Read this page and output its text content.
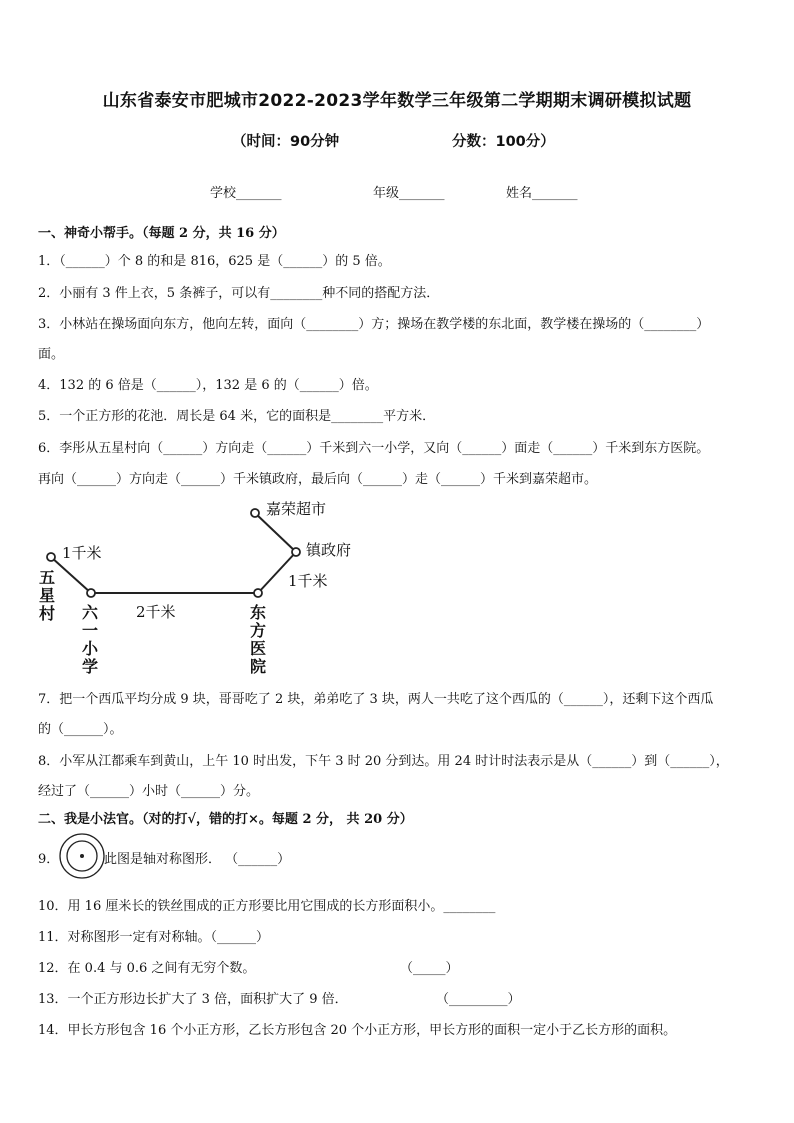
山东省泰安市肥城市2022-2023学年数学三年级第二学期期末调研模拟试题
（时间：90分钟	分数：100分）
学校_______	年级_______	姓名_______
一、神奇小帮手。（每题 2 分，共 16 分）
1．（______）个 8 的和是 816，625 是（______）的 5 倍。
2．小丽有 3 件上衣，5 条裤子，可以有________种不同的搭配方法．
3．小林站在操场面向东方，他向左转，面向（________）方；操场在教学楼的东北面，教学楼在操场的（________）
面。
4．132 的 6 倍是（______），132 是 6 的（______）倍。
5．一个正方形的花池．周长是 64 米，它的面积是________平方米．
6．李彤从五星村向（______）方向走（______）千米到六一小学，又向（______）面走（______）千米到东方医院。
再向（______）方向走（______）千米镇政府，最后向（______）走（______）千米到嘉荣超市。
嘉荣超市
镇政府
1千米
2千米
1千米
五
星
村 六
一
小
学
东
方
医
院
7．把一个西瓜平均分成 9 块，哥哥吃了 2 块，弟弟吃了 3 块，两人一共吃了这个西瓜的（______），还剩下这个西瓜
的（______）。
8．小军从江都乘车到黄山，上午 10 时出发，下午 3 时 20 分到达。用 24 时计时法表示是从（______）到（______），
经过了（______）小时（______）分。
二、我是小法官。（对的打√，错的打×。每题 2 分， 共 20 分）
9．	此图是轴对称图形． （______）
10．用 16 厘米长的铁丝围成的正方形要比用它围成的长方形面积小。________
11．对称图形一定有对称轴。（______）
12．在 0.4 与 0.6 之间有无穷个数。	（_____）
13．一个正方形边长扩大了 3 倍，面积扩大了 9 倍．	（_________）
14．甲长方形包含 16 个小正方形，乙长方形包含 20 个小正方形，甲长方形的面积一定小于乙长方形的面积。
